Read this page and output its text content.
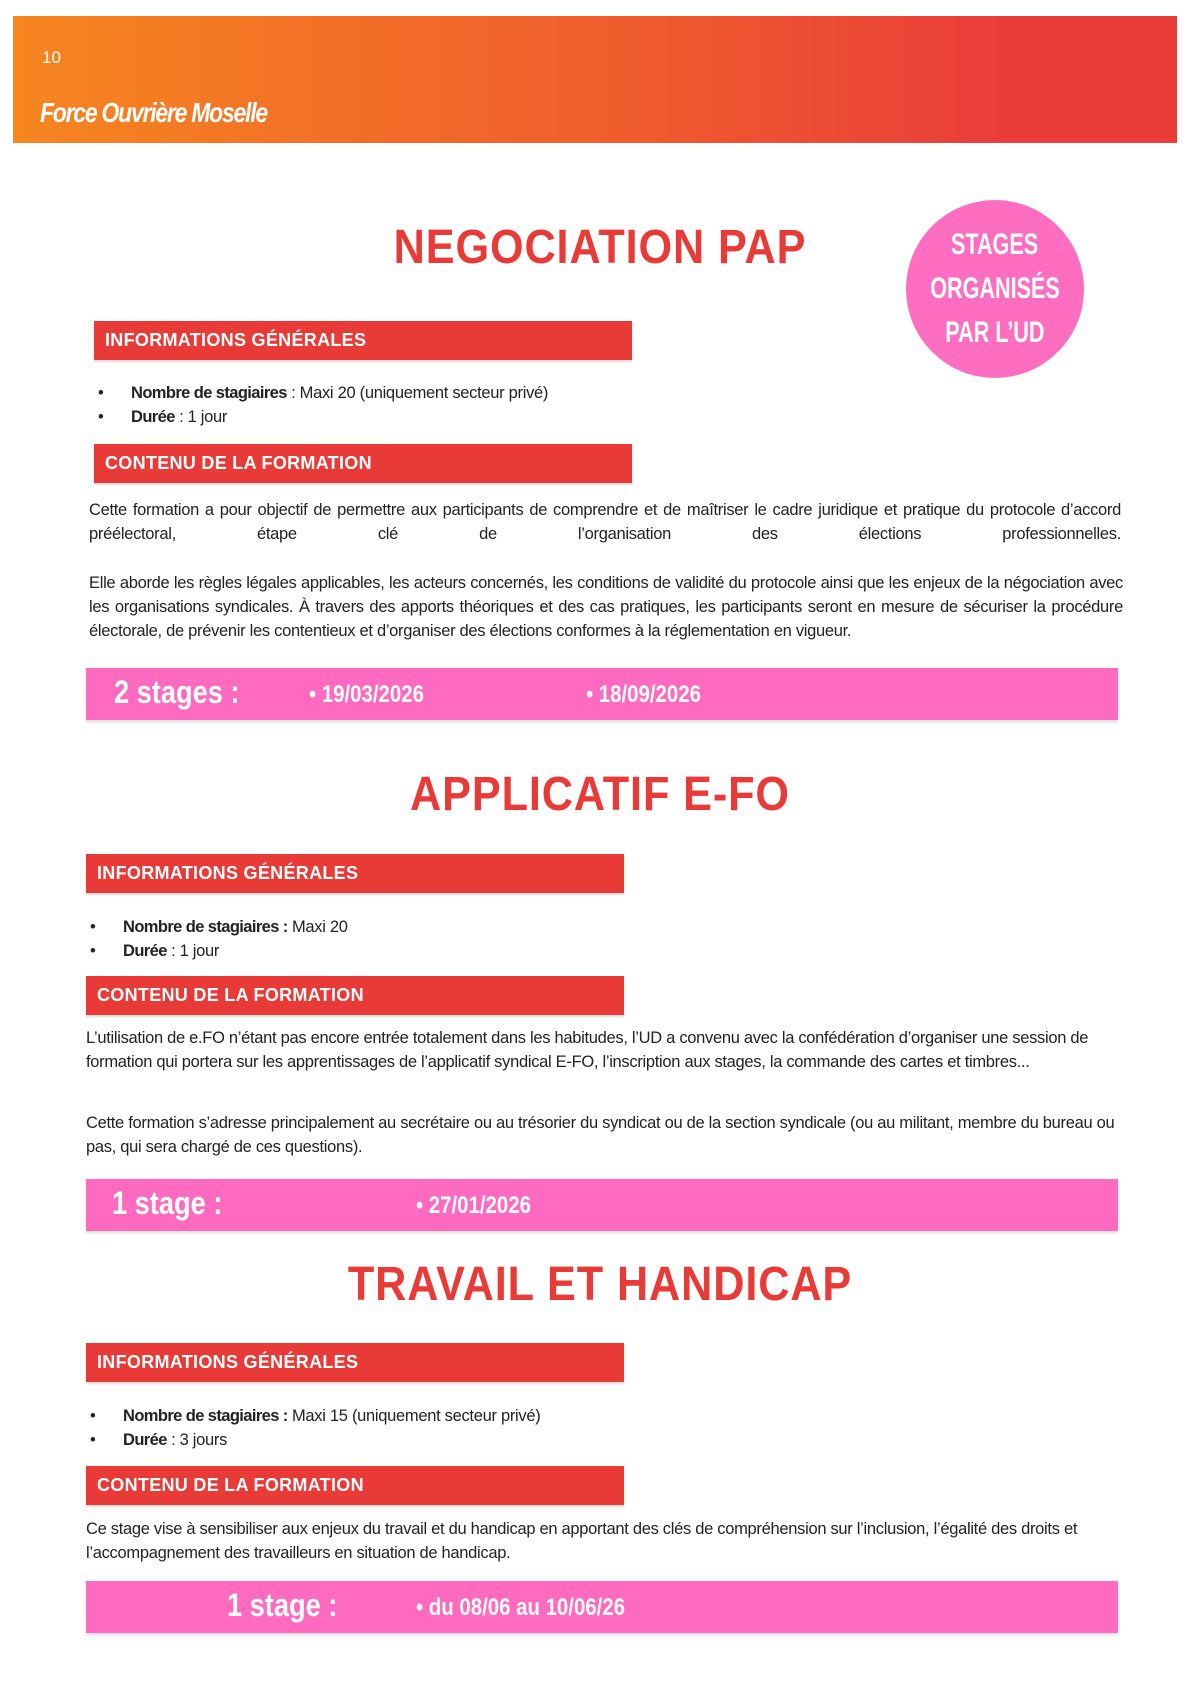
10
Force Ouvrière Moselle
STAGES
ORGANISÉS
PAR L’UD
NEGOCIATION PAP
INFORMATIONS GÉNÉRALES
• Nombre de stagiaires : Maxi 20 (uniquement secteur privé)
• Durée : 1 jour
CONTENU DE LA FORMATION

Cette formation a pour objectif de permettre aux participants de comprendre et de maîtriser le cadre juridique et pratique du protocole d’accord préélectoral, étape clé de l’organisation des élections professionnelles.

Elle aborde les règles légales applicables, les acteurs concernés, les conditions de validité du protocole ainsi que les enjeux de la négociation avec les organisations syndicales. À travers des apports théoriques et des cas pratiques, les participants seront en mesure de sécuriser la procédure électorale, de prévenir les contentieux et d’organiser des élections conformes à la réglementation en vigueur.

2 stages :	• 19/03/2026	• 18/09/2026
APPLICATIF E-FO
INFORMATIONS GÉNÉRALES
• Nombre de stagiaires : Maxi 20
• Durée : 1 jour
CONTENU DE LA FORMATION

L’utilisation de e.FO n’étant pas encore entrée totalement dans les habitudes, l’UD a convenu avec la confédération d’organiser une session de formation qui portera sur les apprentissages de l’applicatif syndical E-FO, l’inscription aux stages, la commande des cartes et timbres...

Cette formation s’adresse principalement au secrétaire ou au trésorier du syndicat ou de la section syndicale (ou au militant, membre du bureau ou pas, qui sera chargé de ces questions).

1 stage :	• 27/01/2026
TRAVAIL ET HANDICAP
INFORMATIONS GÉNÉRALES
• Nombre de stagiaires : Maxi 15 (uniquement secteur privé)
• Durée : 3 jours
CONTENU DE LA FORMATION

Ce stage vise à sensibiliser aux enjeux du travail et du handicap en apportant des clés de compréhension sur l’inclusion, l’égalité des droits et l’accompagnement des travailleurs en situation de handicap.

1 stage :	• du 08/06 au 10/06/26
